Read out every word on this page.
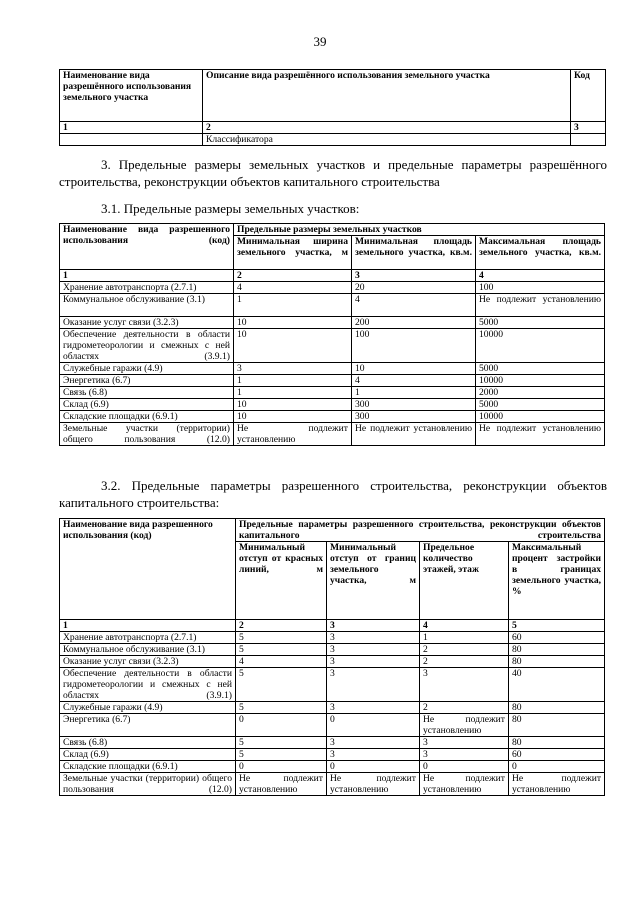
39
Наименование вида разрешённого использования земельного участка	Описание вида разрешённого использования земельного участка	Код
1	2	3
	Классификатора	
3. Предельные размеры земельных участков и предельные параметры разрешённого строительства, реконструкции объектов капитального строительства
3.1. Предельные размеры земельных участков:
Наименование вида разрешенного использования (код)	Предельные размеры земельных участков		
	Минимальная ширина земельного участка, м	Минимальная площадь земельного участка, кв.м.	Максимальная площадь земельного участка, кв.м.
1	2	3	4
Хранение автотранспорта (2.7.1)	4	20	100
Коммунальное обслуживание (3.1)	1	4	Не подлежит установлению
Оказание услуг связи (3.2.3)	10	200	5000
Обеспечение деятельности в области гидрометеорологии и смежных с ней областях (3.9.1)	10	100	10000
Служебные гаражи (4.9)	3	10	5000
Энергетика (6.7)	1	4	10000
Связь (6.8)	1	1	2000
Склад (6.9)	10	300	5000
Складские площадки (6.9.1)	10	300	10000
Земельные участки (территории) общего пользования (12.0)	Не подлежит установлению	Не подлежит установлению	Не подлежит установлению
3.2. Предельные параметры разрешенного строительства, реконструкции объектов капитального строительства:
Наименование вида разрешенного использования (код)	Предельные параметры разрешенного строительства, реконструкции объектов капитального строительства			
	Минимальный отступ от красных линий, м	Минимальный отступ от границ земельного участка, м	Предельное количество этажей, этаж	Максимальный процент застройки в границах земельного участка, %
1	2	3	4	5
Хранение автотранспорта (2.7.1)	5	3	1	60
Коммунальное обслуживание (3.1)	5	3	2	80
Оказание услуг связи (3.2.3)	4	3	2	80
Обеспечение деятельности в области гидрометеорологии и смежных с ней областях (3.9.1)	5	3	3	40
Служебные гаражи (4.9)	5	3	2	80
Энергетика (6.7)	0	0	Не подлежит установлению	80
Связь (6.8)	5	3	3	80
Склад (6.9)	5	3	3	60
Складские площадки (6.9.1)	0	0	0	0
Земельные участки (территории) общего пользования (12.0)	Не подлежит установлению	Не подлежит установлению	Не подлежит установлению	Не подлежит установлению
